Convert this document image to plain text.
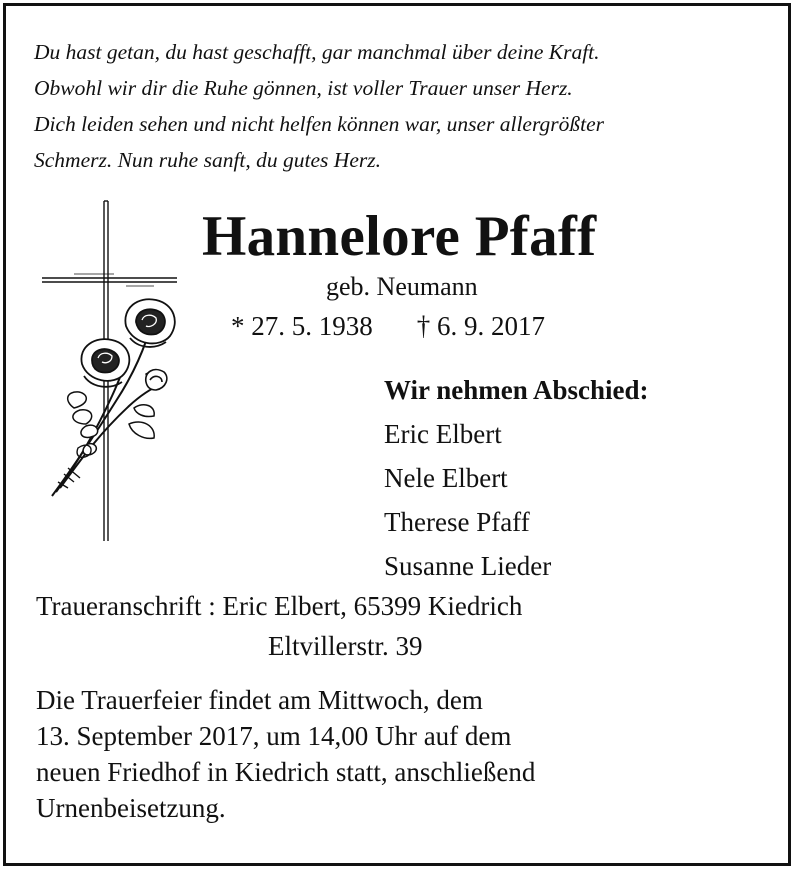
Du hast getan, du hast geschafft, gar manchmal über deine Kraft.
Obwohl wir dir die Ruhe gönnen, ist voller Trauer unser Herz.
Dich leiden sehen und nicht helfen können war, unser allergrößter
Schmerz. Nun ruhe sanft, du gutes Herz.
Hannelore Pfaff
geb. Neumann
* 27. 5. 1938 † 6. 9. 2017
Wir nehmen Abschied:
Eric Elbert
Nele Elbert
Therese Pfaff
Susanne Lieder
Traueranschrift : Eric Elbert, 65399 Kiedrich
Eltvillerstr. 39
Die Trauerfeier findet am Mittwoch, dem
13. September 2017, um 14,00 Uhr auf dem
neuen Friedhof in Kiedrich statt, anschließend
Urnenbeisetzung.
